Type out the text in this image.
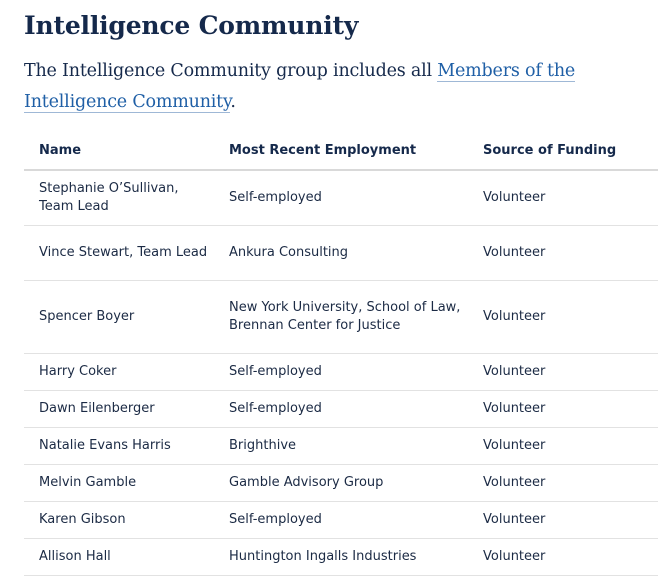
Intelligence Community

The Intelligence Community group includes all Members of the Intelligence Community.

Name	Most Recent Employment	Source of Funding
Stephanie O’Sullivan, Team Lead	Self-employed	Volunteer
Vince Stewart, Team Lead	Ankura Consulting	Volunteer
Spencer Boyer	New York University, School of Law, Brennan Center for Justice	Volunteer
Harry Coker	Self-employed	Volunteer
Dawn Eilenberger	Self-employed	Volunteer
Natalie Evans Harris	Brighthive	Volunteer
Melvin Gamble	Gamble Advisory Group	Volunteer
Karen Gibson	Self-employed	Volunteer
Allison Hall	Huntington Ingalls Industries	Volunteer
